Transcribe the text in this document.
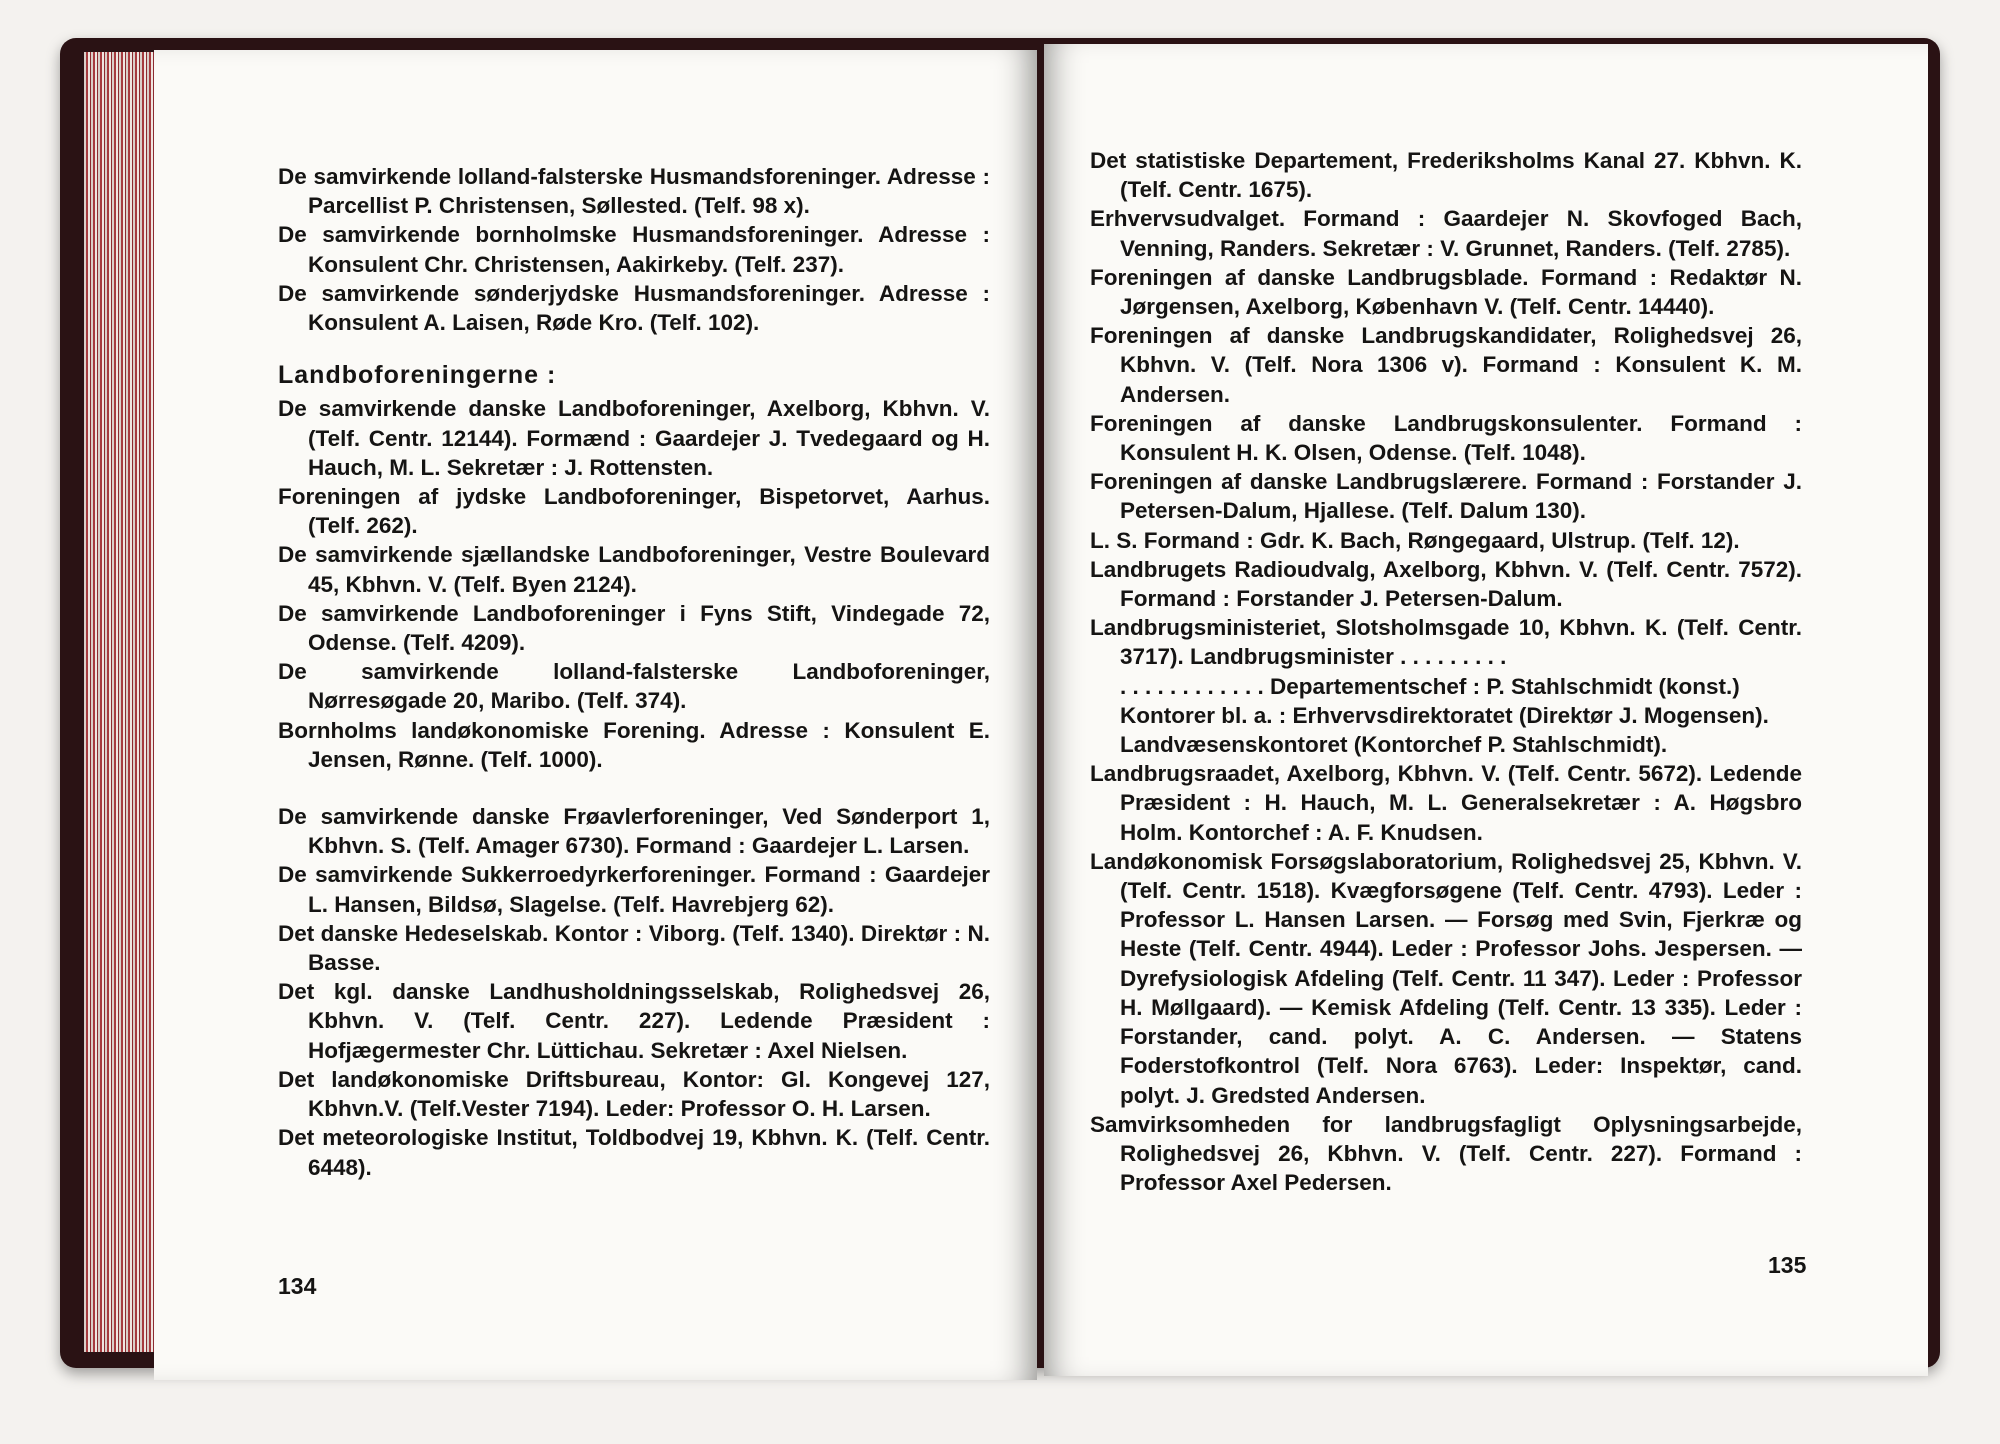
De samvirkende lolland-falsterske Husmandsforeninger. Adresse : Parcellist P. Christensen, Søllested. (Telf. 98 x).

De samvirkende bornholmske Husmandsforeninger. Adresse : Konsulent Chr. Christensen, Aakirkeby. (Telf. 237).

De samvirkende sønderjydske Husmandsforeninger. Adresse : Konsulent A. Laisen, Røde Kro. (Telf. 102).

Landboforeningerne :

De samvirkende danske Landboforeninger, Axelborg, Kbhvn. V. (Telf. Centr. 12144). Formænd : Gaardejer J. Tvedegaard og H. Hauch, M. L. Sekretær : J. Rottensten.

Foreningen af jydske Landboforeninger, Bispetorvet, Aarhus. (Telf. 262).

De samvirkende sjællandske Landboforeninger, Vestre Boulevard 45, Kbhvn. V. (Telf. Byen 2124).

De samvirkende Landboforeninger i Fyns Stift, Vindegade 72, Odense. (Telf. 4209).

De samvirkende lolland-falsterske Landboforeninger, Nørresøgade 20, Maribo. (Telf. 374).

Bornholms landøkonomiske Forening. Adresse : Konsulent E. Jensen, Rønne. (Telf. 1000).

De samvirkende danske Frøavlerforeninger, Ved Sønderport 1, Kbhvn. S. (Telf. Amager 6730). Formand : Gaardejer L. Larsen.

De samvirkende Sukkerroedyrkerforeninger. Formand : Gaardejer L. Hansen, Bildsø, Slagelse. (Telf. Havrebjerg 62).

Det danske Hedeselskab. Kontor : Viborg. (Telf. 1340). Direktør : N. Basse.

Det kgl. danske Landhusholdningsselskab, Rolighedsvej 26, Kbhvn. V. (Telf. Centr. 227). Ledende Præsident : Hofjægermester Chr. Lüttichau. Sekretær : Axel Nielsen.

Det landøkonomiske Driftsbureau, Kontor: Gl. Kongevej 127, Kbhvn.V. (Telf.Vester 7194). Leder: Professor O. H. Larsen.

Det meteorologiske Institut, Toldbodvej 19, Kbhvn. K. (Telf. Centr. 6448).

134

Det statistiske Departement, Frederiksholms Kanal 27. Kbhvn. K. (Telf. Centr. 1675).

Erhvervsudvalget. Formand : Gaardejer N. Skovfoged Bach, Venning, Randers. Sekretær : V. Grunnet, Randers. (Telf. 2785).

Foreningen af danske Landbrugsblade. Formand : Redaktør N. Jørgensen, Axelborg, København V. (Telf. Centr. 14440).

Foreningen af danske Landbrugskandidater, Rolighedsvej 26, Kbhvn. V. (Telf. Nora 1306 v). Formand : Konsulent K. M. Andersen.

Foreningen af danske Landbrugskonsulenter. Formand : Konsulent H. K. Olsen, Odense. (Telf. 1048).

Foreningen af danske Landbrugslærere. Formand : Forstander J. Petersen-Dalum, Hjallese. (Telf. Dalum 130).

L. S. Formand : Gdr. K. Bach, Røngegaard, Ulstrup. (Telf. 12).

Landbrugets Radioudvalg, Axelborg, Kbhvn. V. (Telf. Centr. 7572). Formand : Forstander J. Petersen-Dalum.

Landbrugsministeriet, Slotsholmsgade 10, Kbhvn. K. (Telf. Centr. 3717). Landbrugsminister . . . . . . . . .

. . . . . . . . . . . . Departementschef : P. Stahlschmidt (konst.)

Kontorer bl. a. : Erhvervsdirektoratet (Direktør J. Mogensen). Landvæsenskontoret (Kontorchef P. Stahlschmidt).

Landbrugsraadet, Axelborg, Kbhvn. V. (Telf. Centr. 5672). Ledende Præsident : H. Hauch, M. L. Generalsekretær : A. Høgsbro Holm. Kontorchef : A. F. Knudsen.

Landøkonomisk Forsøgslaboratorium, Rolighedsvej 25, Kbhvn. V. (Telf. Centr. 1518). Kvægforsøgene (Telf. Centr. 4793). Leder : Professor L. Hansen Larsen. — Forsøg med Svin, Fjerkræ og Heste (Telf. Centr. 4944). Leder : Professor Johs. Jespersen. — Dyrefysiologisk Afdeling (Telf. Centr. 11 347). Leder : Professor H. Møllgaard). — Kemisk Afdeling (Telf. Centr. 13 335). Leder : Forstander, cand. polyt. A. C. Andersen. — Statens Foderstofkontrol (Telf. Nora 6763). Leder: Inspektør, cand. polyt. J. Gredsted Andersen.

Samvirksomheden for landbrugsfagligt Oplysningsarbejde, Rolighedsvej 26, Kbhvn. V. (Telf. Centr. 227). Formand : Professor Axel Pedersen.

135
